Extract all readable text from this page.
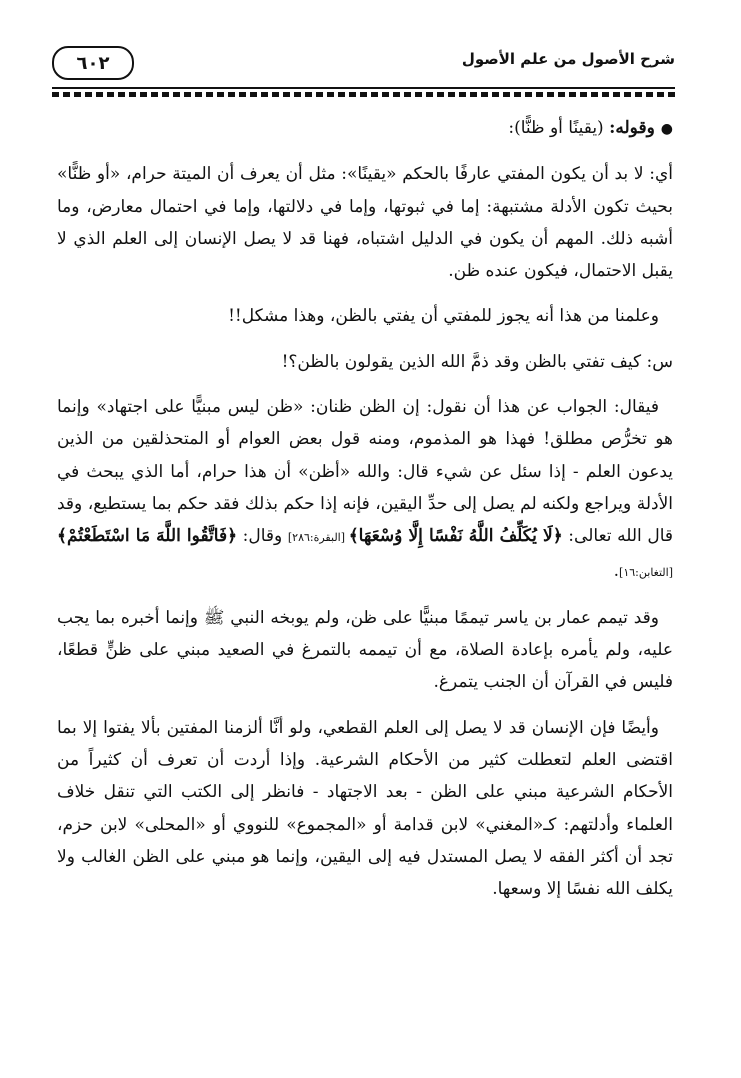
٦٠٢	شرح الأصول من علم الأصول

●وقوله: (يقينًا أو ظنًّا):

أي: لا بد أن يكون المفتي عارفًا بالحكم «يقينًا»: مثل أن يعرف أن الميتة حرام، «أو ظنًّا» بحيث تكون الأدلة مشتبهة: إما في ثبوتها، وإما في دلالتها، وإما في احتمال معارض، وما أشبه ذلك. المهم أن يكون في الدليل اشتباه، فهنا قد لا يصل الإنسان إلى العلم الذي لا يقبل الاحتمال، فيكون عنده ظن.

وعلمنا من هذا أنه يجوز للمفتي أن يفتي بالظن، وهذا مشكل!!

س: كيف تفتي بالظن وقد ذمَّ الله الذين يقولون بالظن؟!

فيقال: الجواب عن هذا أن نقول: إن الظن ظنان: «ظن ليس مبنيًّا على اجتهاد» وإنما هو تخرُّص مطلق! فهذا هو المذموم، ومنه قول بعض العوام أو المتحذلقين من الذين يدعون العلم - إذا سئل عن شيء قال: والله «أظن» أن هذا حرام، أما الذي يبحث في الأدلة ويراجع ولكنه لم يصل إلى حدِّ اليقين، فإنه إذا حكم بذلك فقد حكم بما يستطيع، وقد قال الله تعالى: ﴿لَا يُكَلِّفُ اللَّهُ نَفْسًا إِلَّا وُسْعَهَا﴾ [البقرة:٢٨٦] وقال: ﴿فَاتَّقُوا اللَّهَ مَا اسْتَطَعْتُمْ﴾ [التغابن:١٦].

وقد تيمم عمار بن ياسر تيممًا مبنيًّا على ظن، ولم يوبخه النبي ﷺ وإنما أخبره بما يجب عليه، ولم يأمره بإعادة الصلاة، مع أن تيممه بالتمرغ في الصعيد مبني على ظنٍّ قطعًا، فليس في القرآن أن الجنب يتمرغ.

وأيضًا فإن الإنسان قد لا يصل إلى العلم القطعي، ولو أنَّا ألزمنا المفتين بألا يفتوا إلا بما اقتضى العلم لتعطلت كثير من الأحكام الشرعية. وإذا أردت أن تعرف أن كثيراً من الأحكام الشرعية مبني على الظن - بعد الاجتهاد - فانظر إلى الكتب التي تنقل خلاف العلماء وأدلتهم: كـ«المغني» لابن قدامة أو «المجموع» للنووي أو «المحلى» لابن حزم، تجد أن أكثر الفقه لا يصل المستدل فيه إلى اليقين، وإنما هو مبني على الظن الغالب ولا يكلف الله نفسًا إلا وسعها.
